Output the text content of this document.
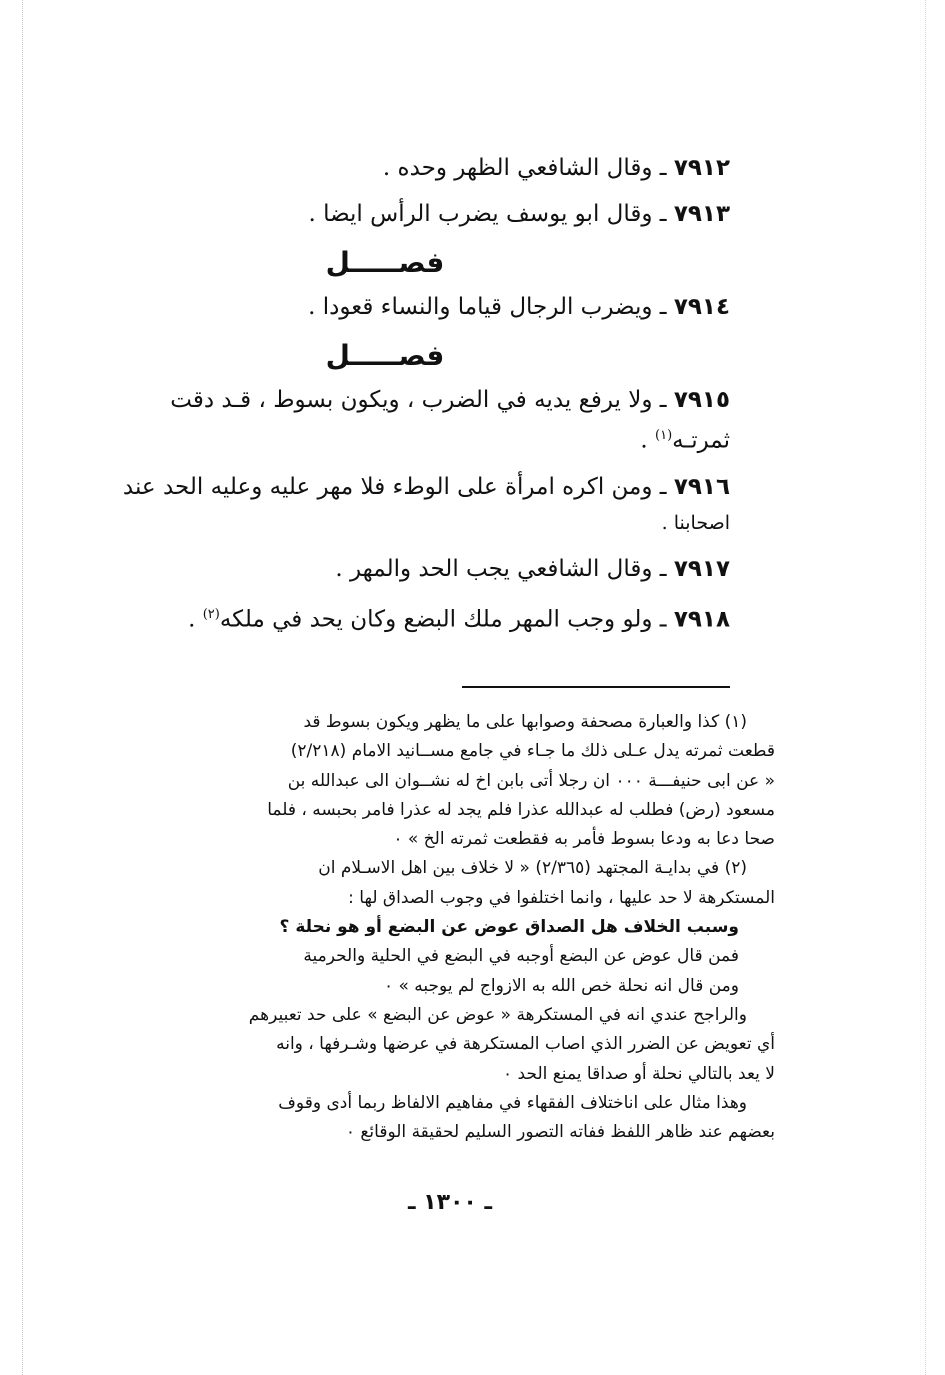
٧٩١٢ ـ وقال الشافعي الظهر وحده .
٧٩١٣ ـ وقال ابو يوسف يضرب الرأس ايضا .
فصـــــل
٧٩١٤ ـ ويضرب الرجال قياما والنساء قعودا .
فصـــــل
٧٩١٥ ـ ولا يرفع يديه في الضرب ، ويكون بسوط ، قـد دقت
ثمرتـه$^{(١)}$ .
٧٩١٦ ـ ومن اكره امرأة على الوطء فلا مهر عليه وعليه الحد عند
اصحابنا .
٧٩١٧ ـ وقال الشافعي يجب الحد والمهر .
٧٩١٨ ـ ولو وجب المهر ملك البضع وكان يحد في ملكه$^{(٢)}$ .
(١) كذا والعبارة مصحفة وصوابها على ما يظهر ويكون بسوط قد
قطعت ثمرته يدل عـلى ذلك ما جـاء في جامع مســانيد الامام (٢/٢١٨)
« عن ابى حنيفـــة ٠٠٠ ان رجلا أتى بابن اخ له نشــوان الى عبدالله بن
مسعود (رض) فطلب له عبدالله عذرا فلم يجد له عذرا فامر بحبسه ، فلما
صحا دعا به ودعا بسوط فأمر به فقطعت ثمرته الخ » ٠
(٢) في بدايـة المجتهد (٢/٣٦٥) « لا خلاف بين اهل الاسـلام ان
المستكرهة لا حد عليها ، وانما اختلفوا في وجوب الصداق لها :
وسبب الخلاف هل الصداق عوض عن البضع أو هو نحلة ؟
فمن قال عوض عن البضع أوجبه في البضع في الحلية والحرمية
ومن قال انه نحلة خص الله به الازواج لم يوجبه » ٠
والراجح عندي انه في المستكرهة « عوض عن البضع » على حد تعبيرهم
أي تعويض عن الضرر الذي اصاب المستكرهة في عرضها وشـرفها ، وانه
لا يعد بالتالي نحلة أو صداقا يمنع الحد ٠
وهذا مثال على اناختلاف الفقهاء في مفاهيم الالفاظ ربما أدى وقوف
بعضهم عند ظاهر اللفظ ففاته التصور السليم لحقيقة الوقائع ٠
ـ ١٣٠٠ ـ
